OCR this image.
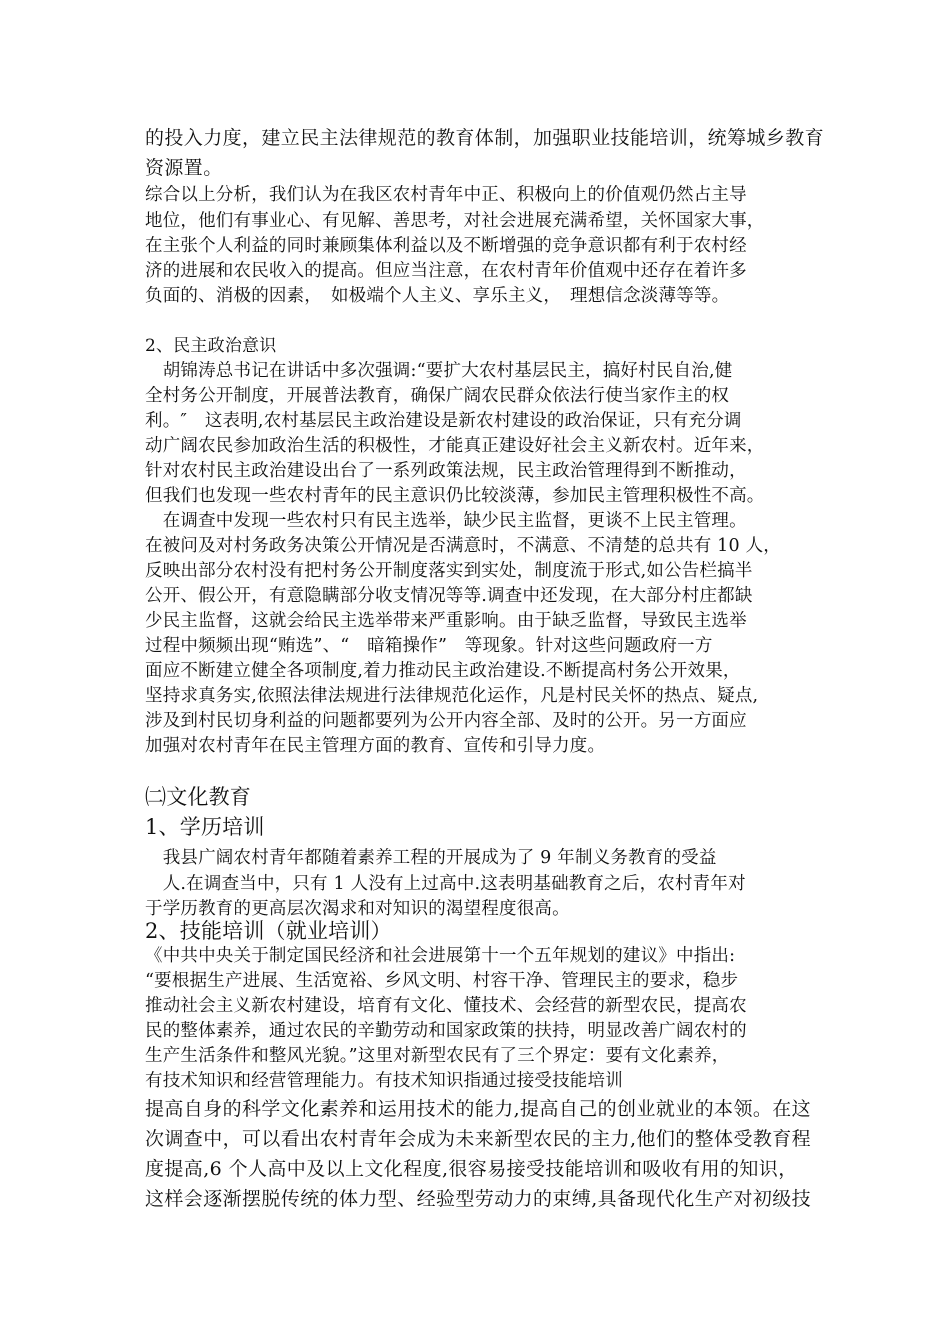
的投入力度，建立民主法律规范的教育体制，加强职业技能培训，统筹城乡教育
资源置。
综合以上分析，我们认为在我区农村青年中正、积极向上的价值观仍然占主导
地位，他们有事业心、有见解、善思考，对社会进展充满希望，关怀国家大事，
在主张个人利益的同时兼顾集体利益以及不断增强的竞争意识都有利于农村经
济的进展和农民收入的提高。但应当注意，在农村青年价值观中还存在着许多
负面的、消极的因素，　如极端个人主义、享乐主义，　理想信念淡薄等等。
2、民主政治意识
　胡锦涛总书记在讲话中多次强调:“要扩大农村基层民主，搞好村民自治,健
全村务公开制度，开展普法教育，确保广阔农民群众依法行使当家作主的权
利。″　这表明,农村基层民主政治建设是新农村建设的政治保证，只有充分调
动广阔农民参加政治生活的积极性，才能真正建设好社会主义新农村。近年来，
针对农村民主政治建设出台了一系列政策法规，民主政治管理得到不断推动，
但我们也发现一些农村青年的民主意识仍比较淡薄，参加民主管理积极性不高。
　在调查中发现一些农村只有民主选举，缺少民主监督，更谈不上民主管理。
在被问及对村务政务决策公开情况是否满意时，不满意、不清楚的总共有 10 人，
反映出部分农村没有把村务公开制度落实到实处，制度流于形式,如公告栏搞半
公开、假公开，有意隐瞒部分收支情况等等.调查中还发现，在大部分村庄都缺
少民主监督，这就会给民主选举带来严重影响。由于缺乏监督，导致民主选举
过程中频频出现“贿选”、“　暗箱操作”　等现象。针对这些问题政府一方
面应不断建立健全各项制度,着力推动民主政治建设.不断提高村务公开效果，
坚持求真务实,依照法律法规进行法律规范化运作，凡是村民关怀的热点、疑点,
涉及到村民切身利益的问题都要列为公开内容全部、及时的公开。另一方面应
加强对农村青年在民主管理方面的教育、宣传和引导力度。
㈡文化教育
1、学历培训
　我县广阔农村青年都随着素养工程的开展成为了 9 年制义务教育的受益
　人.在调查当中，只有 1 人没有上过高中.这表明基础教育之后，农村青年对
于学历教育的更高层次渴求和对知识的渴望程度很高。
2、技能培训（就业培训）
《中共中央关于制定国民经济和社会进展第十一个五年规划的建议》中指出:
“要根据生产进展、生活宽裕、乡风文明、村容干净、管理民主的要求，稳步
推动社会主义新农村建设，培育有文化、懂技术、会经营的新型农民，提高农
民的整体素养，通过农民的辛勤劳动和国家政策的扶持，明显改善广阔农村的
生产生活条件和整风光貌。”这里对新型农民有了三个界定：要有文化素养，
有技术知识和经营管理能力。有技术知识指通过接受技能培训
提高自身的科学文化素养和运用技术的能力,提高自己的创业就业的本领。在这
次调查中，可以看出农村青年会成为未来新型农民的主力,他们的整体受教育程
度提高,6 个人高中及以上文化程度,很容易接受技能培训和吸收有用的知识，
这样会逐渐摆脱传统的体力型、经验型劳动力的束缚,具备现代化生产对初级技
